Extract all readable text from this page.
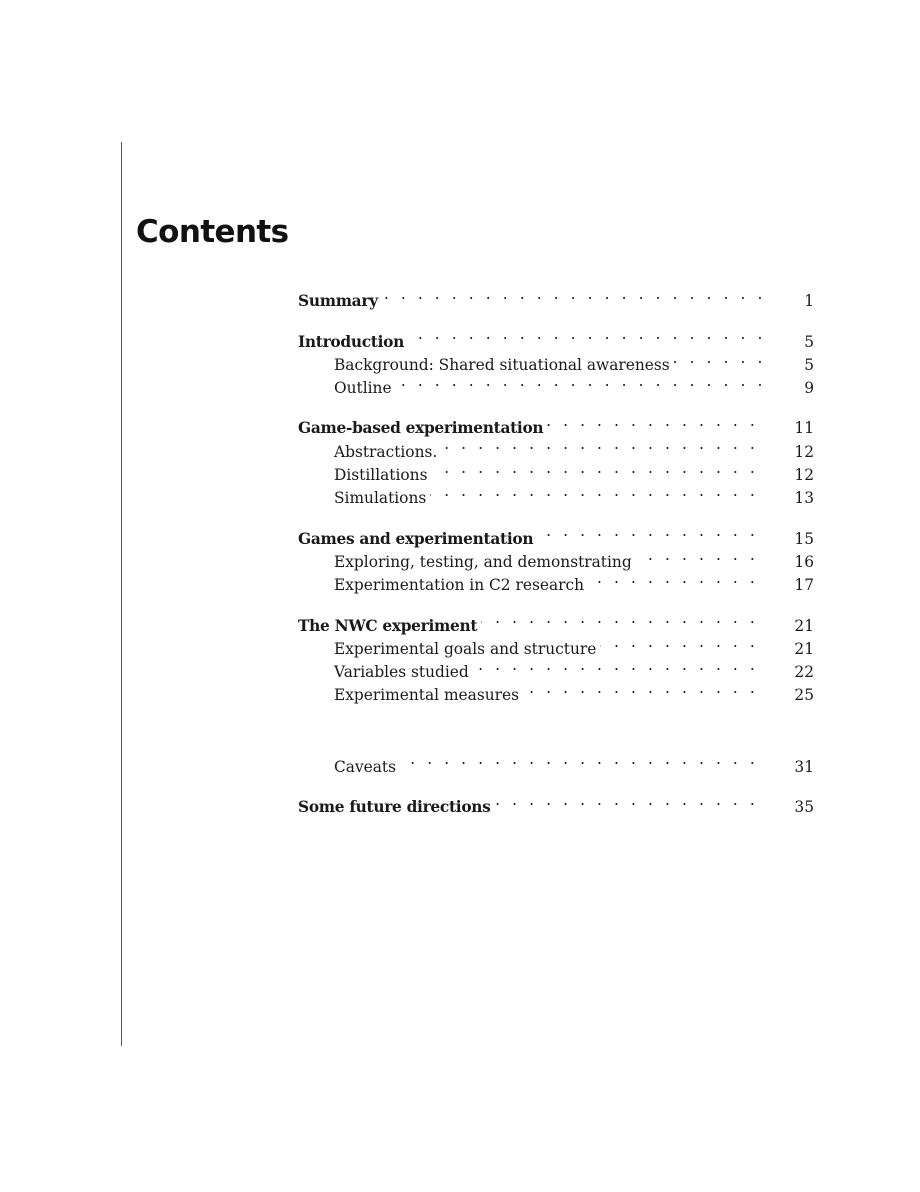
Contents
Summary . . .	1
Introduction . . .	5
Background: Shared situational awareness . . .	5
Outline . . .	9
Game-based experimentation . . .	11
Abstractions. . . .	12
Distillations . . .	12
Simulations . . .	13
Games and experimentation . . .	15
Exploring, testing, and demonstrating . . .	16
Experimentation in C2 research . . .	17
The NWC experiment . . .	21
Experimental goals and structure . . .	21
Variables studied . . .	22
Experimental measures . . .	25
Caveats . . .	31
Some future directions . . .	35
